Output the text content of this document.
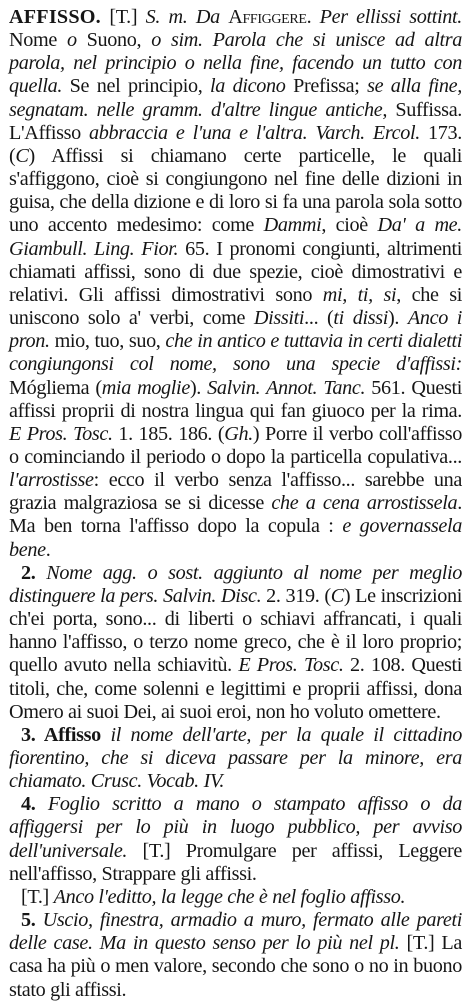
AFFISSO. [T.] S. m. Da Affiggere. Per ellissi sottint. Nome o Suono, o sim. Parola che si unisce ad altra parola, nel principio o nella fine, facendo un tutto con quella. Se nel principio, la dicono Prefissa; se alla fine, segnatam. nelle gramm. d'altre lingue antiche, Suffissa. L'Affisso abbraccia e l'una e l'altra. Varch. Ercol. 173. (C) Affissi si chiamano certe particelle, le quali s'affiggono, cioè si congiungono nel fine delle dizioni in guisa, che della dizione e di loro si fa una parola sola sotto uno accento medesimo: come Dammi, cioè Da' a me. Giambull. Ling. Fior. 65. I pronomi congiunti, altrimenti chiamati affissi, sono di due spezie, cioè dimostrativi e relativi. Gli affissi dimostrativi sono mi, ti, si, che si uniscono solo a' verbi, come Dissiti... (ti dissi). Anco i pron. mio, tuo, suo, che in antico e tuttavia in certi dialetti congiungonsi col nome, sono una specie d'affissi: Mógliema (mia moglie). Salvin. Annot. Tanc. 561. Questi affissi proprii di nostra lingua qui fan giuoco per la rima. E Pros. Tosc. 1. 185. 186. (Gh.) Porre il verbo coll'affisso o cominciando il periodo o dopo la particella copulativa... l'arrostisse: ecco il verbo senza l'affisso... sarebbe una grazia malgraziosa se si dicesse che a cena arrostissela. Ma ben torna l'affisso dopo la copula : e governassela bene.

2. Nome agg. o sost. aggiunto al nome per meglio distinguere la pers. Salvin. Disc. 2. 319. (C) Le inscrizioni ch'ei porta, sono... di liberti o schiavi affrancati, i quali hanno l'affisso, o terzo nome greco, che è il loro proprio; quello avuto nella schiavitù. E Pros. Tosc. 2. 108. Questi titoli, che, come solenni e legittimi e proprii affissi, dona Omero ai suoi Dei, ai suoi eroi, non ho voluto omettere.

3. Affisso il nome dell'arte, per la quale il cittadino fiorentino, che si diceva passare per la minore, era chiamato. Crusc. Vocab. IV.

4. Foglio scritto a mano o stampato affisso o da affiggersi per lo più in luogo pubblico, per avviso dell'universale. [T.] Promulgare per affissi, Leggere nell'affisso, Strappare gli affissi.

[T.] Anco l'editto, la legge che è nel foglio affisso.

5. Uscio, finestra, armadio a muro, fermato alle pareti delle case. Ma in questo senso per lo più nel pl. [T.] La casa ha più o men valore, secondo che sono o no in buono stato gli affissi.
